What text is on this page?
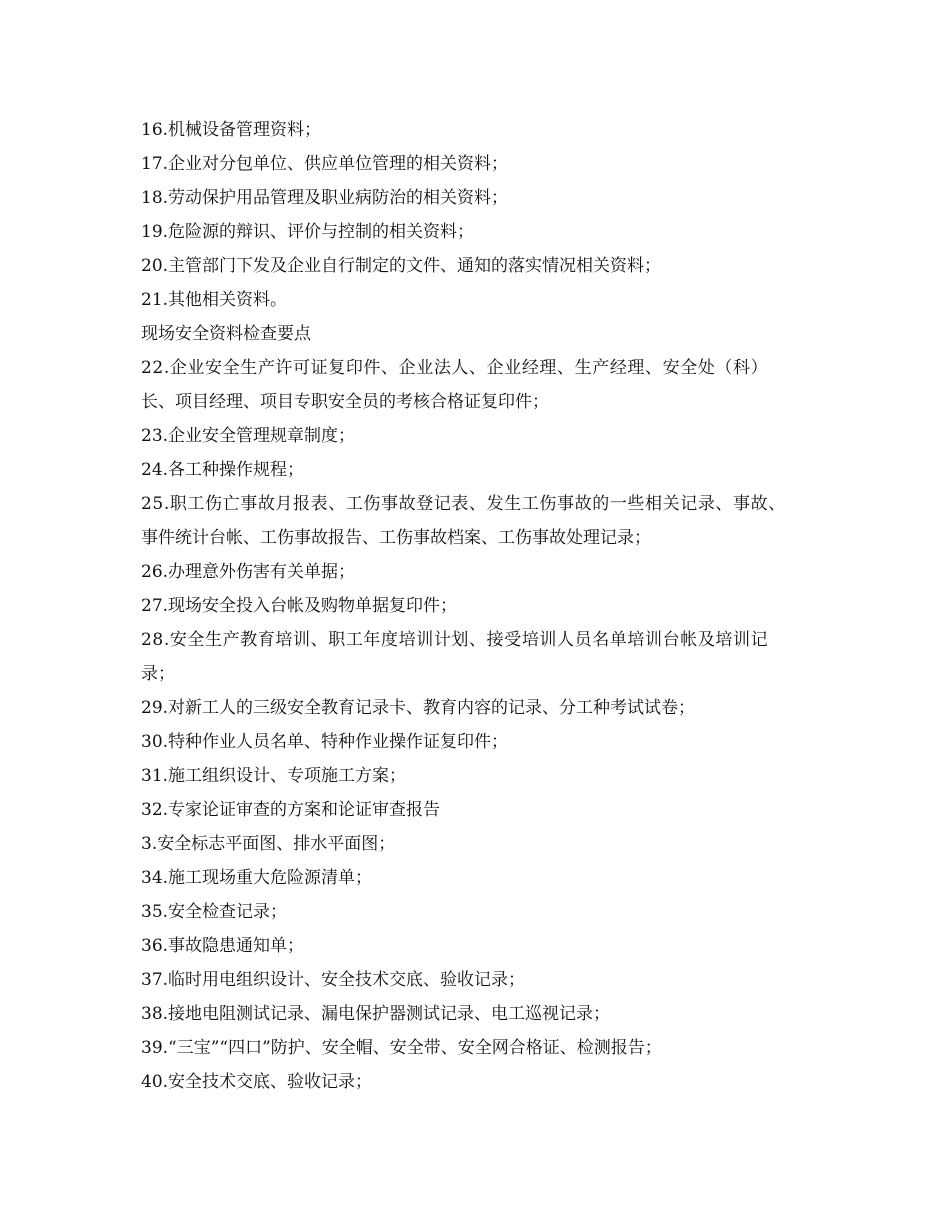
16.机械设备管理资料；
17.企业对分包单位、供应单位管理的相关资料；
18.劳动保护用品管理及职业病防治的相关资料；
19.危险源的辩识、评价与控制的相关资料；
20.主管部门下发及企业自行制定的文件、通知的落实情况相关资料；
21.其他相关资料。
现场安全资料检查要点
22.企业安全生产许可证复印件、企业法人、企业经理、生产经理、安全处（科）
长、项目经理、项目专职安全员的考核合格证复印件；
23.企业安全管理规章制度；
24.各工种操作规程；
25.职工伤亡事故月报表、工伤事故登记表、发生工伤事故的一些相关记录、事故、
事件统计台帐、工伤事故报告、工伤事故档案、工伤事故处理记录；
26.办理意外伤害有关单据；
27.现场安全投入台帐及购物单据复印件；
28.安全生产教育培训、职工年度培训计划、接受培训人员名单培训台帐及培训记
录；
29.对新工人的三级安全教育记录卡、教育内容的记录、分工种考试试卷；
30.特种作业人员名单、特种作业操作证复印件；
31.施工组织设计、专项施工方案；
32.专家论证审查的方案和论证审查报告
3.安全标志平面图、排水平面图；
34.施工现场重大危险源清单；
35.安全检查记录；
36.事故隐患通知单；
37.临时用电组织设计、安全技术交底、验收记录；
38.接地电阻测试记录、漏电保护器测试记录、电工巡视记录；
39.“三宝”“四口”防护、安全帽、安全带、安全网合格证、检测报告；
40.安全技术交底、验收记录；
